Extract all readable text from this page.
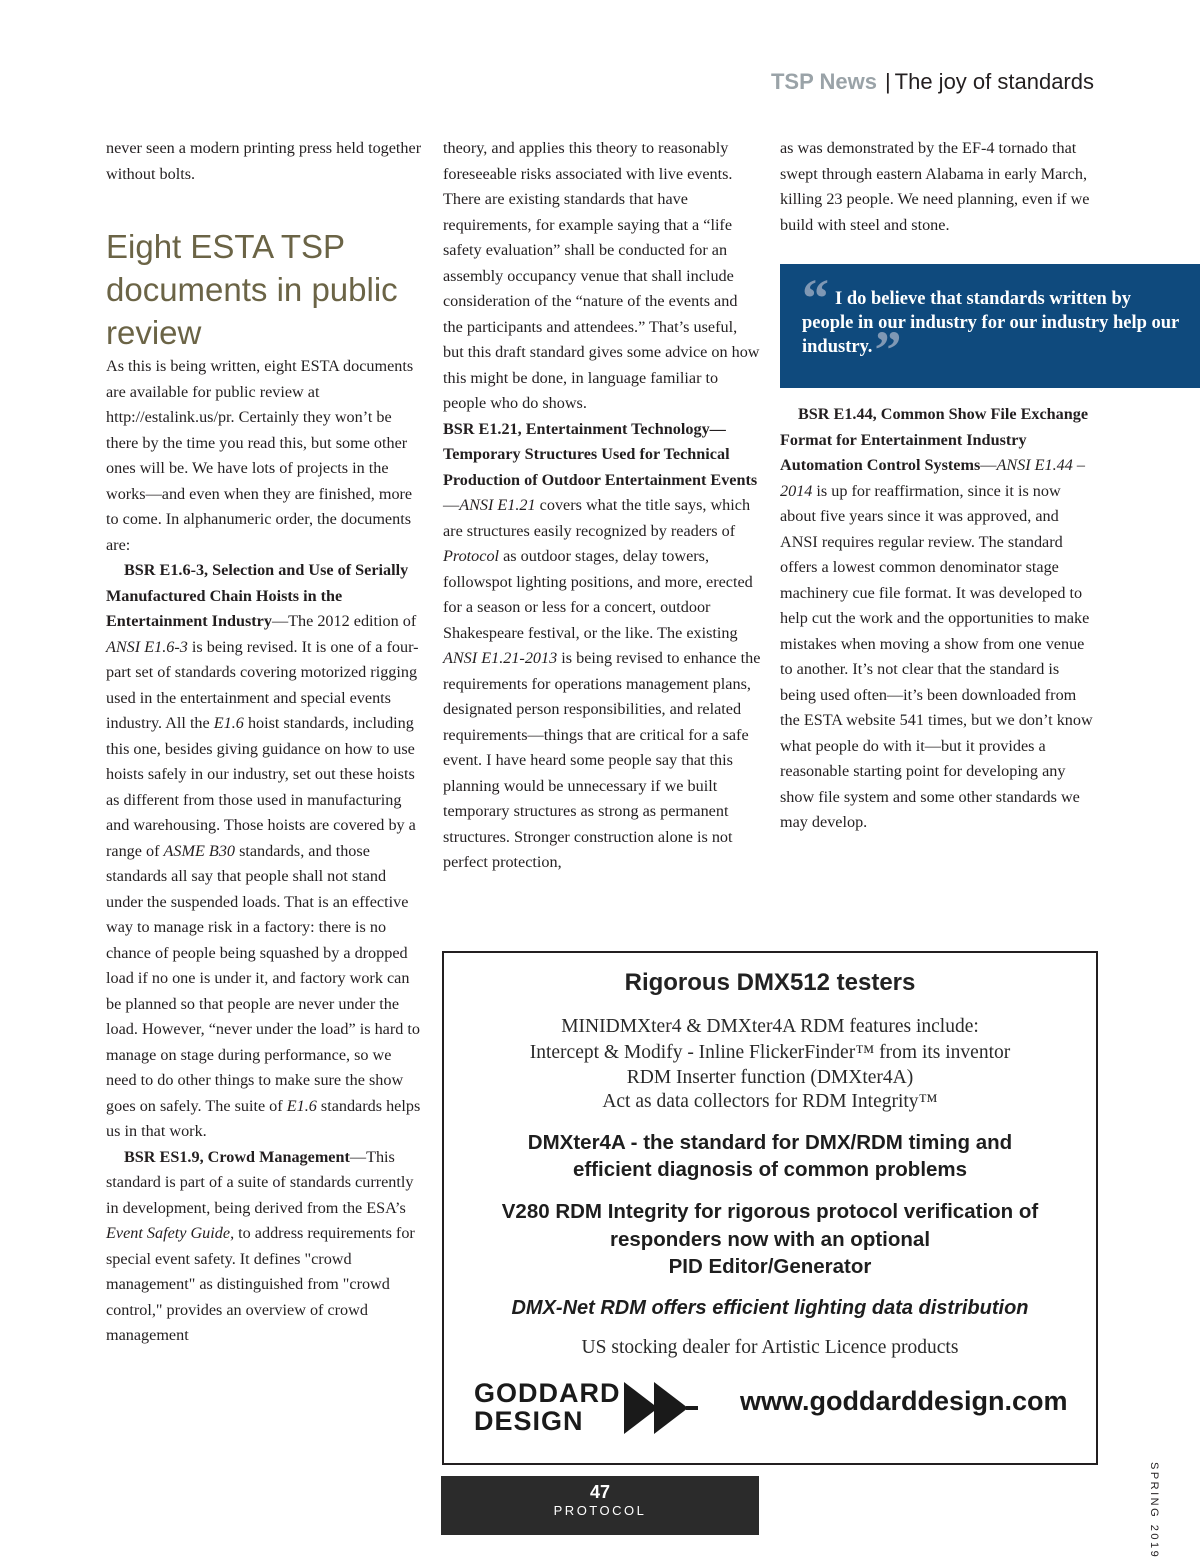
TSP News | The joy of standards

never seen a modern printing press held together without bolts.

Eight ESTA TSP documents in public review

As this is being written, eight ESTA documents are available for public review at http://estalink.us/pr. Certainly they won’t be there by the time you read this, but some other ones will be. We have lots of projects in the works—and even when they are finished, more to come. In alphanumeric order, the documents are:

BSR E1.6-3, Selection and Use of Serially Manufactured Chain Hoists in the Entertainment Industry—The 2012 edition of ANSI E1.6-3 is being revised. It is one of a four-part set of standards covering motorized rigging used in the entertainment and special events industry. All the E1.6 hoist standards, including this one, besides giving guidance on how to use hoists safely in our industry, set out these hoists as different from those used in manufacturing and warehousing. Those hoists are covered by a range of ASME B30 standards, and those standards all say that people shall not stand under the suspended loads. That is an effective way to manage risk in a factory: there is no chance of people being squashed by a dropped load if no one is under it, and factory work can be planned so that people are never under the load. However, “never under the load” is hard to manage on stage during performance, so we need to do other things to make sure the show goes on safely. The suite of E1.6 standards helps us in that work.

BSR ES1.9, Crowd Management—This standard is part of a suite of standards currently in development, being derived from the ESA’s Event Safety Guide, to address requirements for special event safety. It defines "crowd management" as distinguished from "crowd control," provides an overview of crowd management

theory, and applies this theory to reasonably foreseeable risks associated with live events. There are existing standards that have requirements, for example saying that a “life safety evaluation” shall be conducted for an assembly occupancy venue that shall include consideration of the “nature of the events and the participants and attendees.” That’s useful, but this draft standard gives some advice on how this might be done, in language familiar to people who do shows.

BSR E1.21, Entertainment Technology—Temporary Structures Used for Technical Production of Outdoor Entertainment Events—ANSI E1.21 covers what the title says, which are structures easily recognized by readers of Protocol as outdoor stages, delay towers, followspot lighting positions, and more, erected for a season or less for a concert, outdoor Shakespeare festival, or the like. The existing ANSI E1.21-2013 is being revised to enhance the requirements for operations management plans, designated person responsibilities, and related requirements—things that are critical for a safe event. I have heard some people say that this planning would be unnecessary if we built temporary structures as strong as permanent structures. Stronger construction alone is not perfect protection,

as was demonstrated by the EF-4 tornado that swept through eastern Alabama in early March, killing 23 people. We need planning, even if we build with steel and stone.

BSR E1.44, Common Show File Exchange Format for Entertainment Industry Automation Control Systems—ANSI E1.44 – 2014 is up for reaffirmation, since it is now about five years since it was approved, and ANSI requires regular review. The standard offers a lowest common denominator stage machinery cue file format. It was developed to help cut the work and the opportunities to make mistakes when moving a show from one venue to another. It’s not clear that the standard is being used often—it’s been downloaded from the ESTA website 541 times, but we don’t know what people do with it—but it provides a reasonable starting point for developing any show file system and some other standards we may develop.

“ I do believe that standards written by people in our industry for our industry help our industry.”
Rigorous DMX512 testers
MINIDMXter4 & DMXter4A RDM features include:
Intercept & Modify - Inline FlickerFinder™ from its inventor
RDM Inserter function (DMXter4A)
Act as data collectors for RDM Integrity™
DMXter4A - the standard for DMX/RDM timing and
efficient diagnosis of common problems
V280 RDM Integrity for rigorous protocol verification of
responders now with an optional
PID Editor/Generator
DMX-Net RDM offers efficient lighting data distribution
US stocking dealer for Artistic Licence products
GODDARD
DESIGN
www.goddarddesign.com
47
PROTOCOL	SPRING 2019
